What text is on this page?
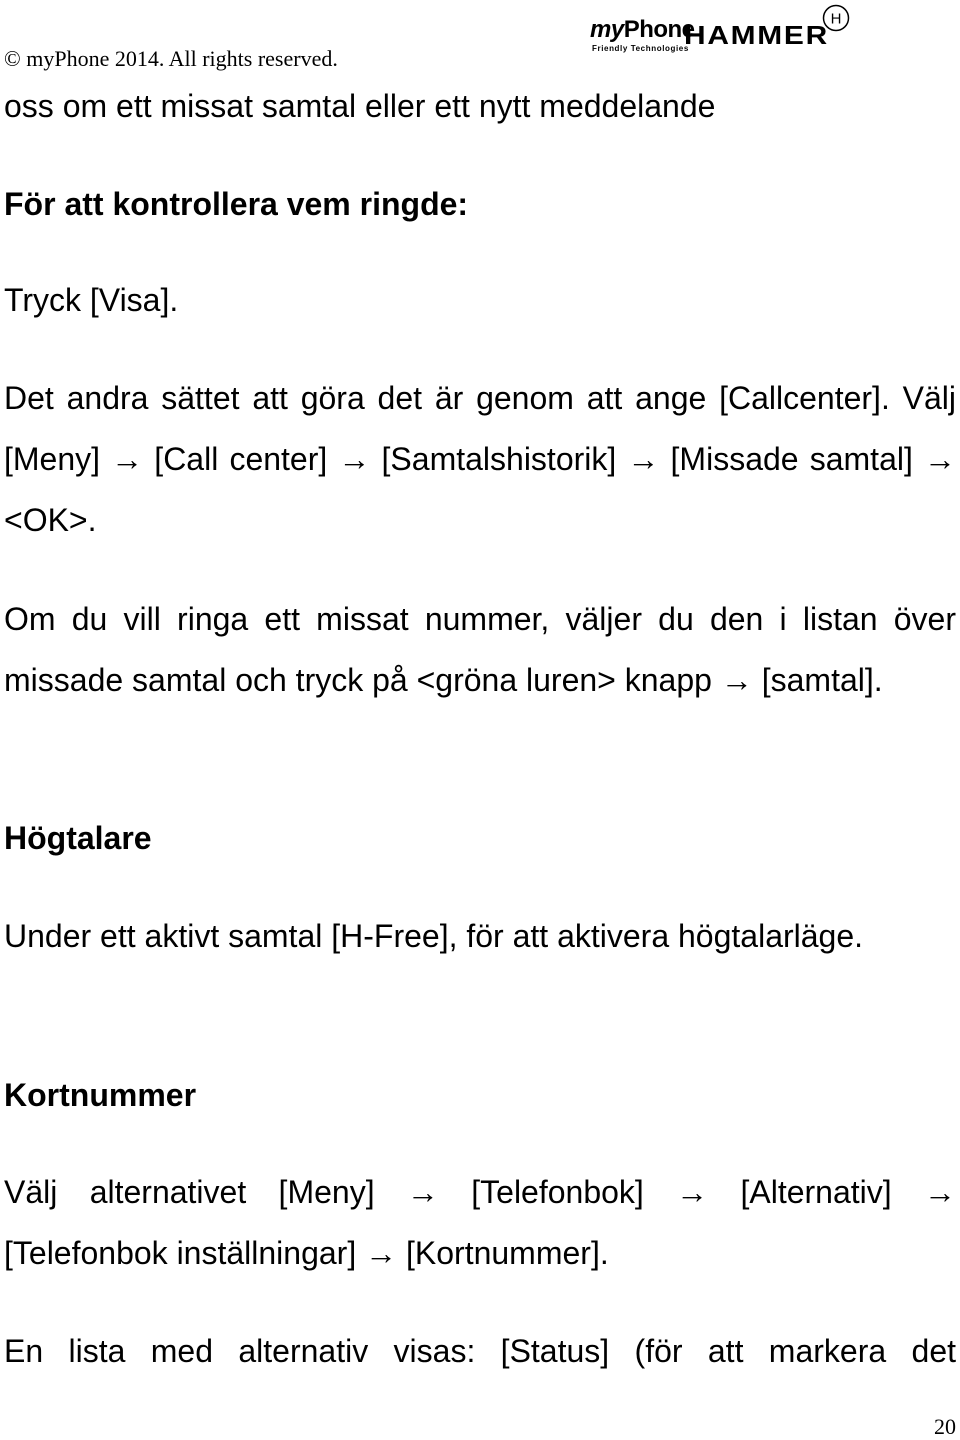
© myPhone 2014. All rights reserved.
myPhone
Friendly Technologies
HAMMER
H

oss om ett missat samtal eller ett nytt meddelande

För att kontrollera vem ringde:

Tryck [Visa].

Det andra sättet att göra det är genom att ange [Callcenter]. Välj [Meny] → [Call center] → [Samtalshistorik] → [Missade samtal] → <OK>.

Om du vill ringa ett missat nummer, väljer du den i listan över missade samtal och tryck på <gröna luren> knapp → [samtal].

Högtalare

Under ett aktivt samtal [H-Free], för att aktivera högtalarläge.

Kortnummer

Välj alternativet [Meny] → [Telefonbok] → [Alternativ] → [Telefonbok inställningar] → [Kortnummer].

En lista med alternativ visas: [Status] (för att markera det

20
